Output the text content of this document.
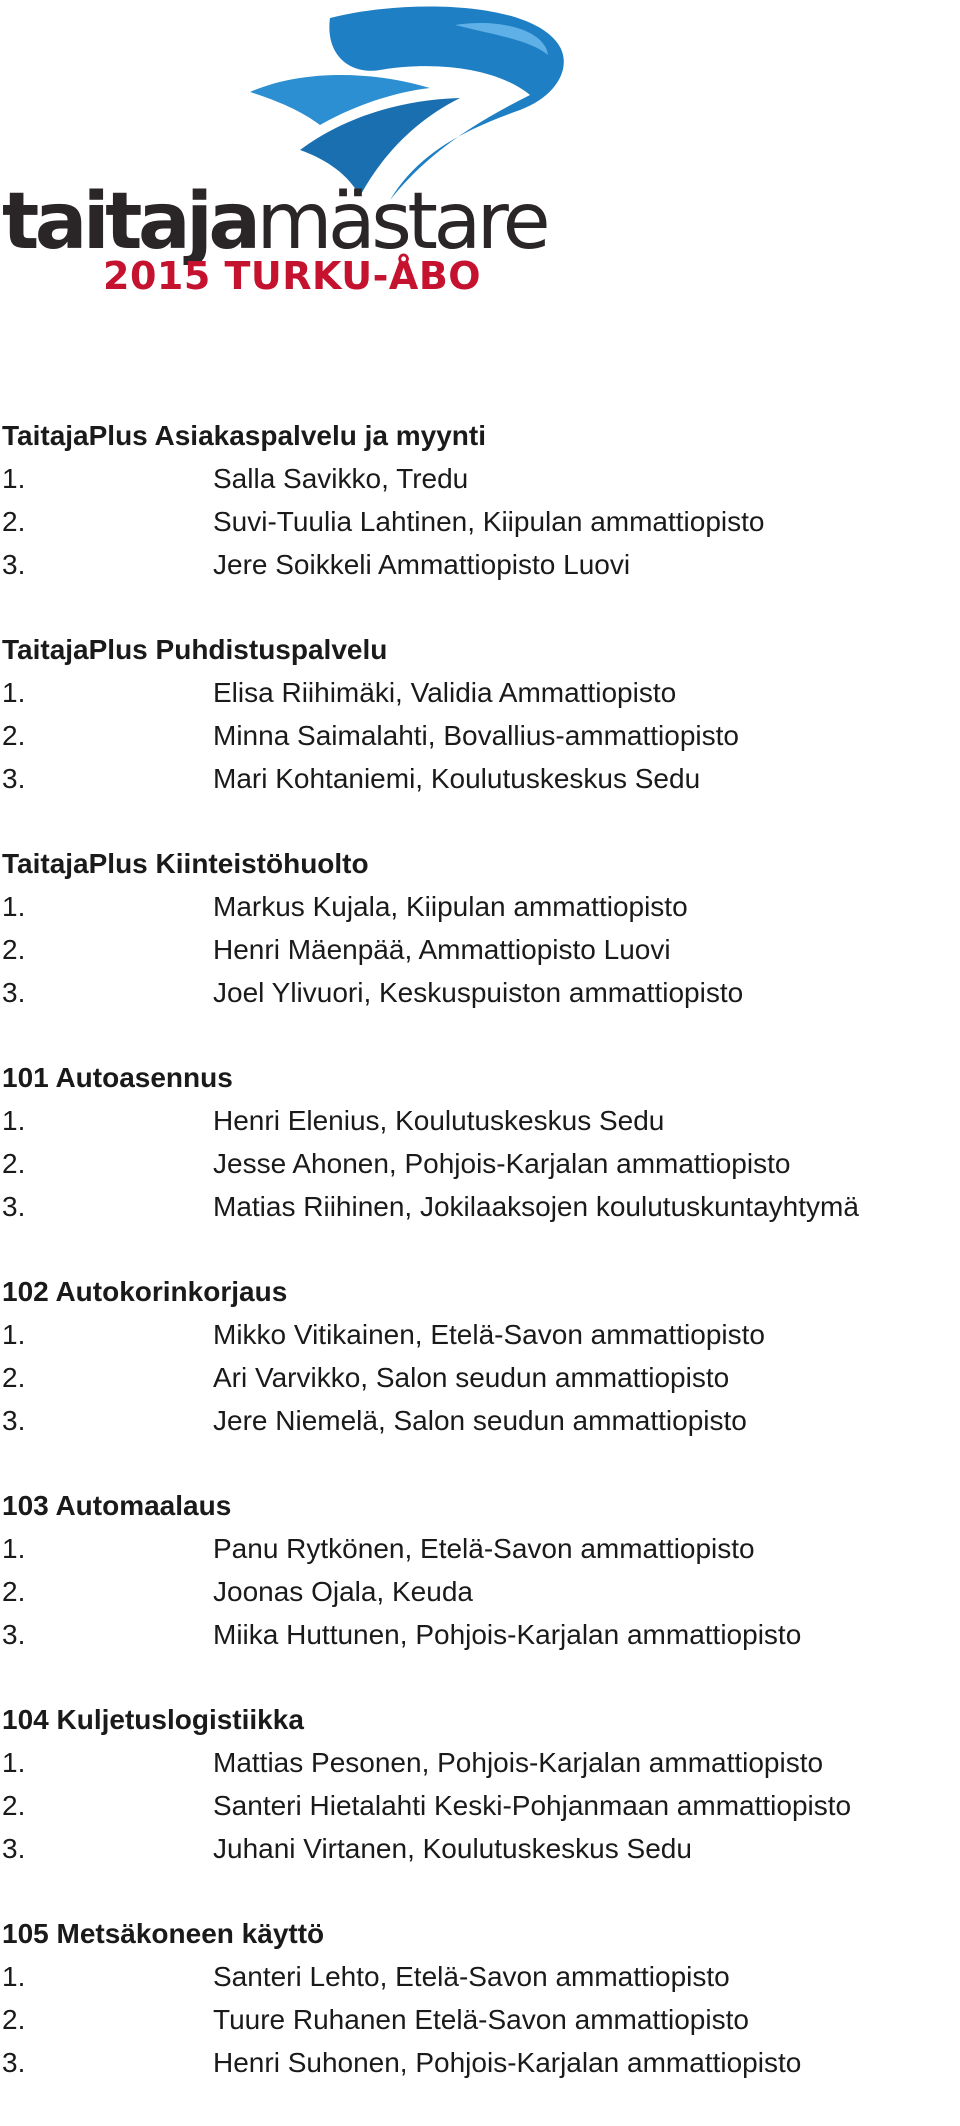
taitajamästare
2015 TURKU-ÅBO
TaitajaPlus Asiakaspalvelu ja myynti
1.	Salla Savikko, Tredu
2.	Suvi-Tuulia Lahtinen, Kiipulan ammattiopisto
3.	Jere Soikkeli Ammattiopisto Luovi
TaitajaPlus Puhdistuspalvelu
1.	Elisa Riihimäki, Validia Ammattiopisto
2.	Minna Saimalahti, Bovallius-ammattiopisto
3.	Mari Kohtaniemi, Koulutuskeskus Sedu
TaitajaPlus Kiinteistöhuolto
1.	Markus Kujala, Kiipulan ammattiopisto
2.	Henri Mäenpää, Ammattiopisto Luovi
3.	Joel Ylivuori, Keskuspuiston ammattiopisto
101 Autoasennus
1.	Henri Elenius, Koulutuskeskus Sedu
2.	Jesse Ahonen, Pohjois-Karjalan ammattiopisto
3.	Matias Riihinen, Jokilaaksojen koulutuskuntayhtymä
102 Autokorinkorjaus
1.	Mikko Vitikainen, Etelä-Savon ammattiopisto
2.	Ari Varvikko, Salon seudun ammattiopisto
3.	Jere Niemelä, Salon seudun ammattiopisto
103 Automaalaus
1.	Panu Rytkönen, Etelä-Savon ammattiopisto
2.	Joonas Ojala, Keuda
3.	Miika Huttunen, Pohjois-Karjalan ammattiopisto
104 Kuljetuslogistiikka
1.	Mattias Pesonen, Pohjois-Karjalan ammattiopisto
2.	Santeri Hietalahti Keski-Pohjanmaan ammattiopisto
3.	Juhani Virtanen, Koulutuskeskus Sedu
105 Metsäkoneen käyttö
1.	Santeri Lehto, Etelä-Savon ammattiopisto
2.	Tuure Ruhanen Etelä-Savon ammattiopisto
3.	Henri Suhonen, Pohjois-Karjalan ammattiopisto
